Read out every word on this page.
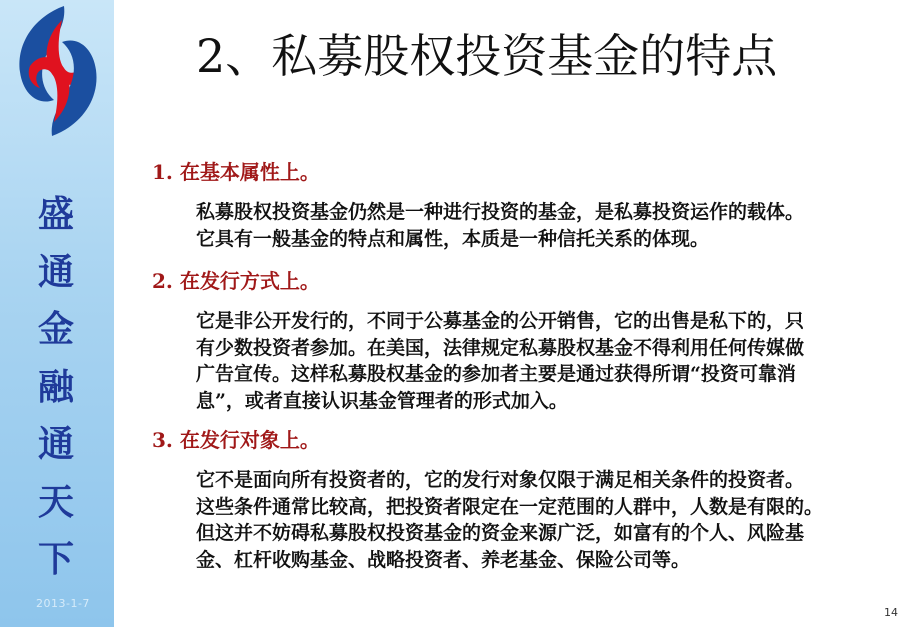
盛
通
金
融
通
天
下
2013-1-7
2、私募股权投资基金的特点
1. 在基本属性上。
私募股权投资基金仍然是一种进行投资的基金，是私募投资运作的载体。
它具有一般基金的特点和属性，本质是一种信托关系的体现。
2. 在发行方式上。
它是非公开发行的，不同于公募基金的公开销售，它的出售是私下的，只
有少数投资者参加。在美国，法律规定私募股权基金不得利用任何传媒做
广告宣传。这样私募股权基金的参加者主要是通过获得所谓“投资可靠消
息”，或者直接认识基金管理者的形式加入。
3. 在发行对象上。
它不是面向所有投资者的，它的发行对象仅限于满足相关条件的投资者。
这些条件通常比较高，把投资者限定在一定范围的人群中，人数是有限的。
但这并不妨碍私募股权投资基金的资金来源广泛，如富有的个人、风险基
金、杠杆收购基金、战略投资者、养老基金、保险公司等。
14
